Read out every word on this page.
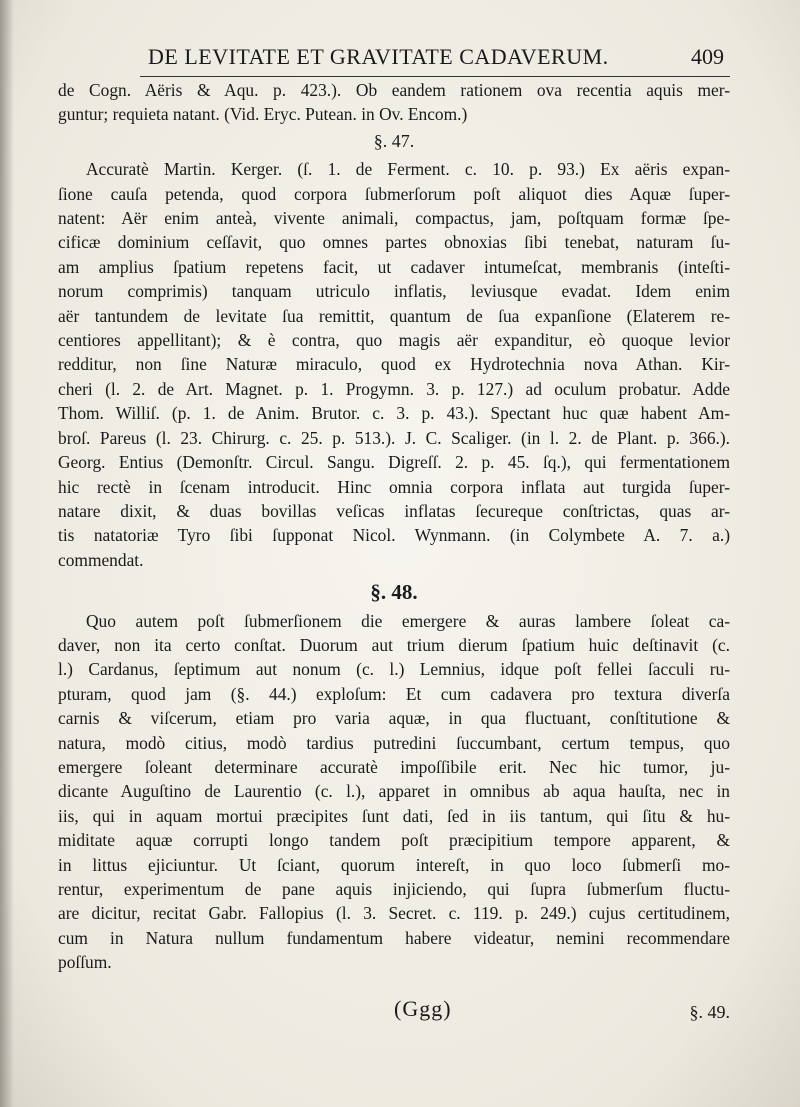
DE LEVITATE ET GRAVITATE CADAVERUM.	409
de Cogn. Aëris & Aqu. p. 423.). Ob eandem rationem ova recentia aquis mer-
guntur; requieta natant. (Vid. Eryc. Putean. in Ov. Encom.)
§. 47.
Accuratè Martin. Kerger. (ſ. 1. de Ferment. c. 10. p. 93.) Ex aëris expan-
ſione cauſa petenda, quod corpora ſubmerſorum poſt aliquot dies Aquæ ſuper-
natent: Aër enim anteà, vivente animali, compactus, jam, poſtquam formæ ſpe-
cificæ dominium ceſſavit, quo omnes partes obnoxias ſibi tenebat, naturam ſu-
am amplius ſpatium repetens facit, ut cadaver intumeſcat, membranis (inteſti-
norum comprimis) tanquam utriculo inflatis, leviusque evadat. Idem enim
aër tantundem de levitate ſua remittit, quantum de ſua expanſione (Elaterem re-
centiores appellitant); & è contra, quo magis aër expanditur, eò quoque levior
redditur, non ſine Naturæ miraculo, quod ex Hydrotechnia nova Athan. Kir-
cheri (l. 2. de Art. Magnet. p. 1. Progymn. 3. p. 127.) ad oculum probatur. Adde
Thom. Williſ. (p. 1. de Anim. Brutor. c. 3. p. 43.). Spectant huc quæ habent Am-
broſ. Pareus (l. 23. Chirurg. c. 25. p. 513.). J. C. Scaliger. (in l. 2. de Plant. p. 366.).
Georg. Entius (Demonſtr. Circul. Sangu. Digreſſ. 2. p. 45. ſq.), qui fermentationem
hic rectè in ſcenam introducit. Hinc omnia corpora inflata aut turgida ſuper-
natare dixit, & duas bovillas veſicas inflatas ſecureque conſtrictas, quas ar-
tis natatoriæ Tyro ſibi ſupponat Nicol. Wynmann. (in Colymbete A. 7. a.)
commendat.
§. 48.
Quo autem poſt ſubmerſionem die emergere & auras lambere ſoleat ca-
daver, non ita certo conſtat. Duorum aut trium dierum ſpatium huic deſtinavit (c.
l.) Cardanus, ſeptimum aut nonum (c. l.) Lemnius, idque poſt fellei ſacculi ru-
pturam, quod jam (§. 44.) exploſum: Et cum cadavera pro textura diverſa
carnis & viſcerum, etiam pro varia aquæ, in qua fluctuant, conſtitutione &
natura, modò citius, modò tardius putredini ſuccumbant, certum tempus, quo
emergere ſoleant determinare accuratè impoſſibile erit. Nec hic tumor, ju-
dicante Auguſtino de Laurentio (c. l.), apparet in omnibus ab aqua hauſta, nec in
iis, qui in aquam mortui præcipites ſunt dati, ſed in iis tantum, qui ſitu & hu-
miditate aquæ corrupti longo tandem poſt præcipitium tempore apparent, &
in littus ejiciuntur. Ut ſciant, quorum intereſt, in quo loco ſubmerſi mo-
rentur, experimentum de pane aquis injiciendo, qui ſupra ſubmerſum fluctu-
are dicitur, recitat Gabr. Fallopius (l. 3. Secret. c. 119. p. 249.) cujus certitudinem,
cum in Natura nullum fundamentum habere videatur, nemini recommendare
poſſum.
(Ggg)	§. 49.
